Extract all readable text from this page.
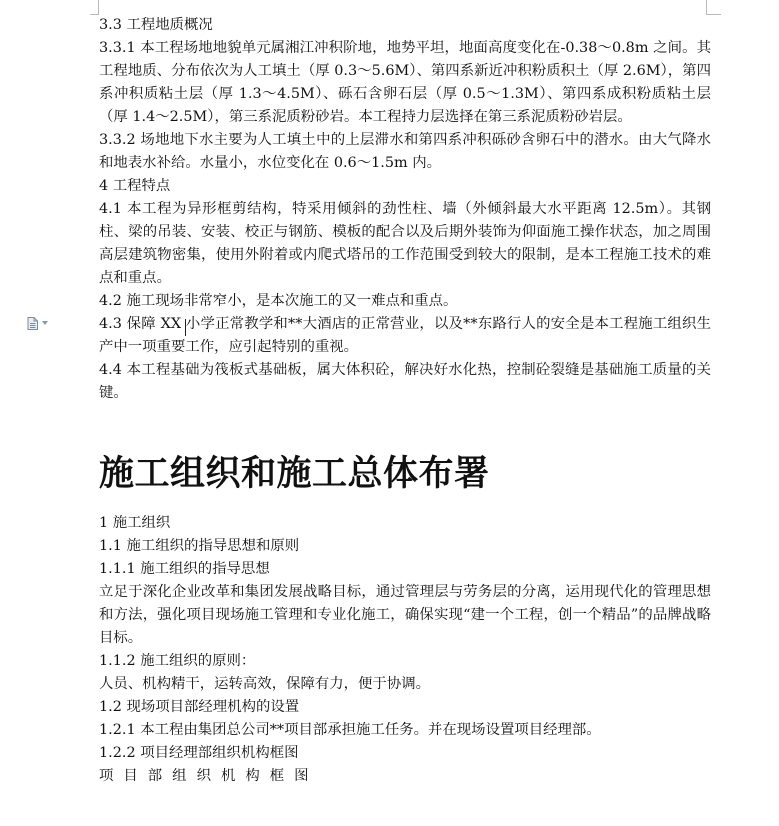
3.3 工程地质概况

3.3.1 本工程场地地貌单元属湘江冲积阶地，地势平坦，地面高度变化在-0.38～0.8m 之间。其工程地质、分布依次为人工填土（厚 0.3～5.6M）、第四系新近冲积粉质积土（厚 2.6M），第四系冲积质粘土层（厚 1.3～4.5M）、砾石含卵石层（厚 0.5～1.3M）、第四系成积粉质粘土层（厚 1.4～2.5M），第三系泥质粉砂岩。本工程持力层选择在第三系泥质粉砂岩层。

3.3.2 场地地下水主要为人工填土中的上层滞水和第四系冲积砾砂含卵石中的潜水。由大气降水和地表水补给。水量小，水位变化在 0.6～1.5m 内。

4 工程特点

4.1 本工程为异形框剪结构，特采用倾斜的劲性柱、墙（外倾斜最大水平距离 12.5m）。其钢柱、梁的吊装、安装、校正与钢筋、模板的配合以及后期外装饰为仰面施工操作状态，加之周围高层建筑物密集，使用外附着或内爬式塔吊的工作范围受到较大的限制，是本工程施工技术的难点和重点。

4.2 施工现场非常窄小，是本次施工的又一难点和重点。

4.3 保障 XX 小学正常教学和**大酒店的正常营业，以及**东路行人的安全是本工程施工组织生产中一项重要工作，应引起特别的重视。

4.4 本工程基础为筏板式基础板，属大体积砼，解决好水化热，控制砼裂缝是基础施工质量的关键。

施工组织和施工总体布署

1 施工组织

1.1 施工组织的指导思想和原则

1.1.1 施工组织的指导思想

立足于深化企业改革和集团发展战略目标，通过管理层与劳务层的分离，运用现代化的管理思想和方法，强化项目现场施工管理和专业化施工，确保实现“建一个工程，创一个精品”的品牌战略目标。

1.1.2 施工组织的原则：

人员、机构精干，运转高效，保障有力，便于协调。

1.2 现场项目部经理机构的设置

1.2.1 本工程由集团总公司**项目部承担施工任务。并在现场设置项目经理部。

1.2.2 项目经理部组织机构框图

项目部组织机构框图
